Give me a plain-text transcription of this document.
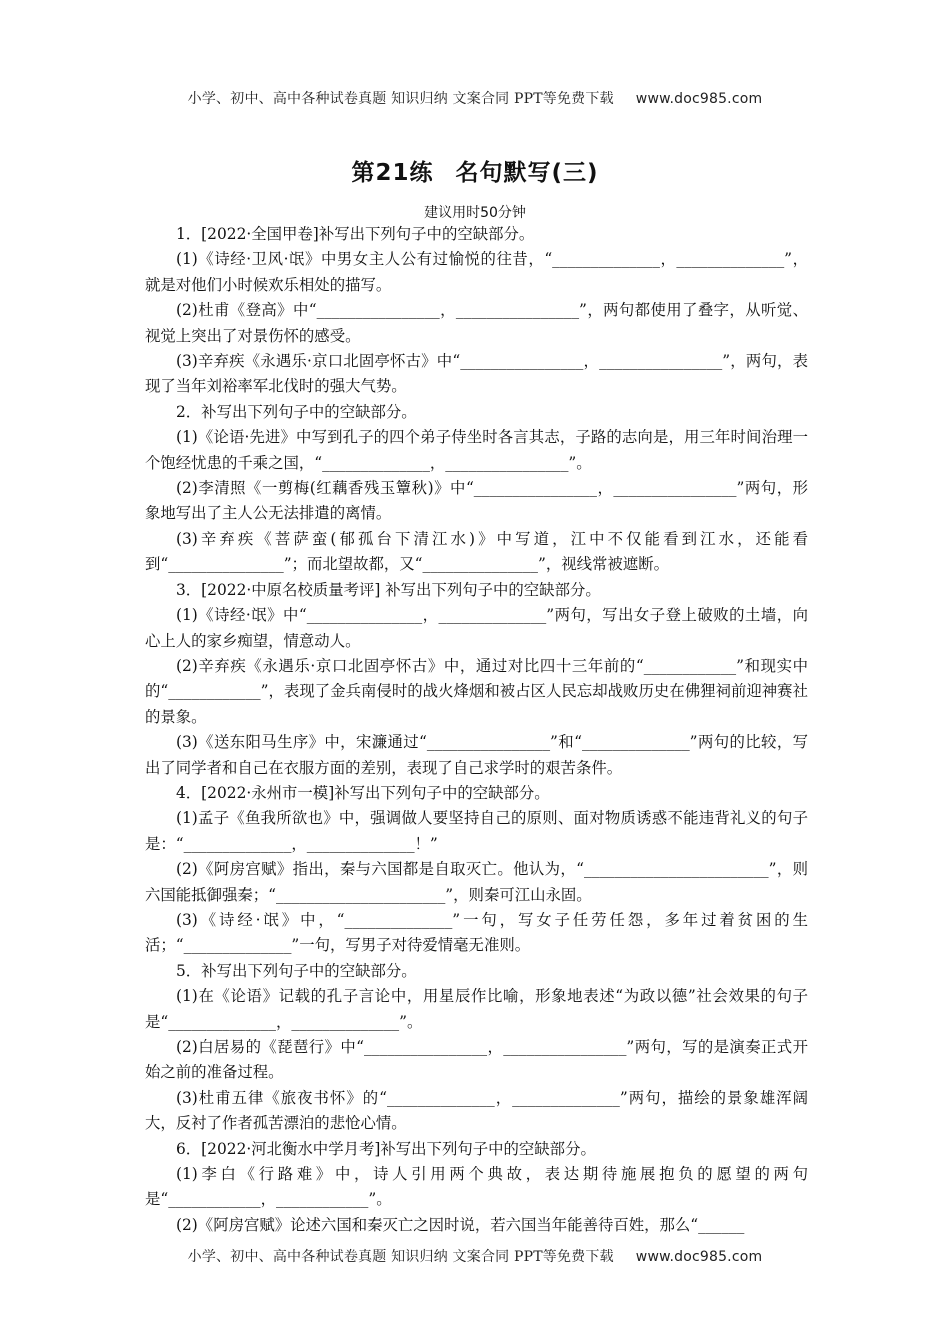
小学、初中、高中各种试卷真题 知识归纳 文案合同 PPT等免费下载 www.doc985.com
第21练 名句默写(三)
建议用时50分钟

1．[2022·全国甲卷]补写出下列句子中的空缺部分。

(1)《诗经·卫风·氓》中男女主人公有过愉悦的往昔，“______________，______________”，就是对他们小时候欢乐相处的描写。

(2)杜甫《登高》中“________________，________________”，两句都使用了叠字，从听觉、视觉上突出了对景伤怀的感受。

(3)辛弃疾《永遇乐·京口北固亭怀古》中“________________，________________”，两句，表现了当年刘裕率军北伐时的强大气势。

2．补写出下列句子中的空缺部分。

(1)《论语·先进》中写到孔子的四个弟子侍坐时各言其志，子路的志向是，用三年时间治理一个饱经忧患的千乘之国，“______________，________________”。

(2)李清照《一剪梅(红藕香残玉簟秋)》中“________________，________________”两句，形象地写出了主人公无法排遣的离情。

(3)辛弃疾《菩萨蛮(郁孤台下清江水)》中写道，江中不仅能看到江水，还能看到“_______________”；而北望故都，又“_______________”，视线常被遮断。

3．[2022·中原名校质量考评] 补写出下列句子中的空缺部分。

(1)《诗经·氓》中“_______________，______________”两句，写出女子登上破败的土墙，向心上人的家乡痴望，情意动人。

(2)辛弃疾《永遇乐·京口北固亭怀古》中，通过对比四十三年前的“____________”和现实中的“____________”，表现了金兵南侵时的战火烽烟和被占区人民忘却战败历史在佛狸祠前迎神赛社的景象。

(3)《送东阳马生序》中，宋濂通过“________________”和“______________”两句的比较，写出了同学者和自己在衣服方面的差别，表现了自己求学时的艰苦条件。

4．[2022·永州市一模]补写出下列句子中的空缺部分。

(1)孟子《鱼我所欲也》中，强调做人要坚持自己的原则、面对物质诱惑不能违背礼义的句子是：“______________，______________！”

(2)《阿房宫赋》指出，秦与六国都是自取灭亡。他认为，“________________________”，则六国能抵御强秦；“______________________”，则秦可江山永固。

(3)《诗经·氓》中，“______________”一句，写女子任劳任怨，多年过着贫困的生活；“______________”一句，写男子对待爱情毫无准则。

5．补写出下列句子中的空缺部分。

(1)在《论语》记载的孔子言论中，用星辰作比喻，形象地表述“为政以德”社会效果的句子是“______________，______________”。

(2)白居易的《琵琶行》中“________________，________________”两句，写的是演奏正式开始之前的准备过程。

(3)杜甫五律《旅夜书怀》的“______________，______________”两句，描绘的景象雄浑阔大，反衬了作者孤苦漂泊的悲怆心情。

6．[2022·河北衡水中学月考]补写出下列句子中的空缺部分。

(1)李白《行路难》中，诗人引用两个典故，表达期待施展抱负的愿望的两句是“____________，____________”。

(2)《阿房宫赋》论述六国和秦灭亡之因时说，若六国当年能善待百姓，那么“______

小学、初中、高中各种试卷真题 知识归纳 文案合同 PPT等免费下载 www.doc985.com
